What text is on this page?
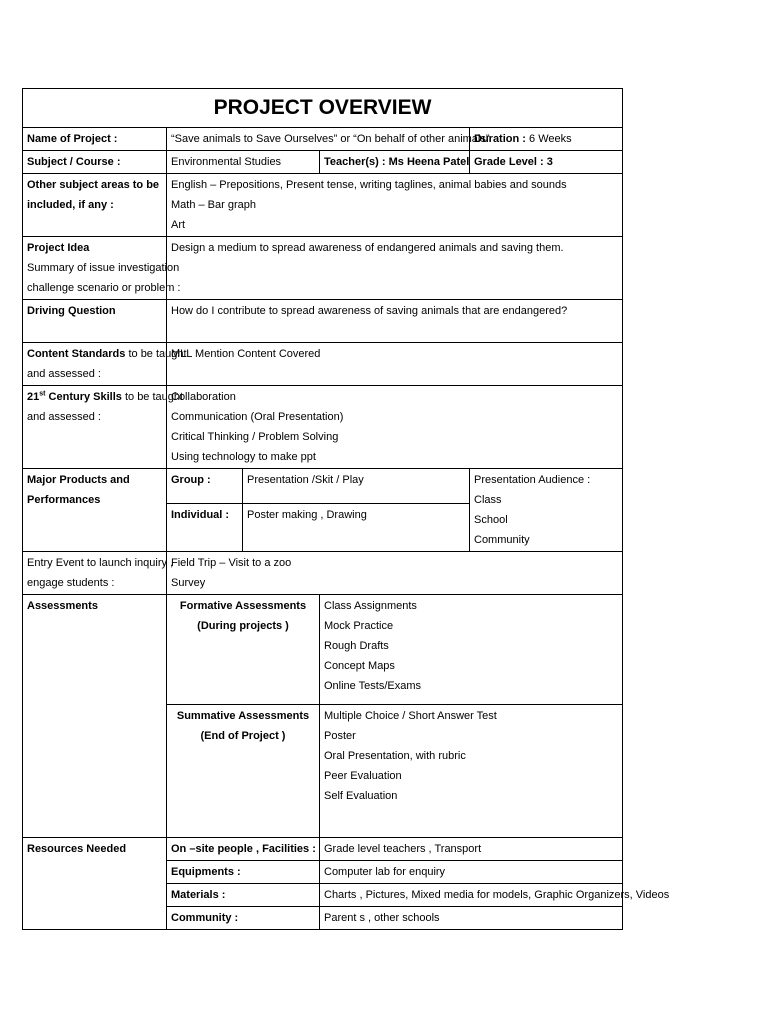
PROJECT OVERVIEW				
Name of Project :	“Save animals to Save Ourselves” or “On behalf of other animals”			Duration : 6 Weeks
Subject / Course :	Environmental Studies		Teacher(s) : Ms Heena Patel	Grade Level : 3

Other subject areas to be
included, if any :	English – Prepositions, Present tense, writing taglines, animal babies and sounds
Math – Bar graph
Art			

Project Idea
Summary of issue investigation
challenge scenario or problem :	Design a medium to spread awareness of endangered animals and saving them.			
Driving Question	How do I contribute to spread awareness of saving animals that are endangered?			

Content Standards to be taught
and assessed :	MLL Mention Content Covered			

21st Century Skills to be taught
and assessed :	Collaboration
Communication (Oral Presentation)
Critical Thinking / Problem Solving
Using technology to make ppt			

Major Products and
Performances	Group :	Presentation /Skit / Play		Presentation Audience :
Class
School
Community

	Individual :	Poster making , Drawing		

Entry Event to launch inquiry ,
engage students :	Field Trip – Visit to a zoo
Survey			

Assessments	Formative Assessments
(During projects )		Class Assignments
Mock Practice
Rough Drafts
Concept Maps
Online Tests/Exams	

	Summative Assessments
(End of Project )		Multiple Choice / Short Answer Test
Poster
Oral Presentation, with rubric
Peer Evaluation
Self Evaluation	

Resources Needed	On –site people , Facilities :		Grade level teachers , Transport	
	Equipments :		Computer lab for enquiry	
	Materials :		Charts , Pictures, Mixed media for models, Graphic Organizers, Videos	
	Community :		Parent s , other schools	
